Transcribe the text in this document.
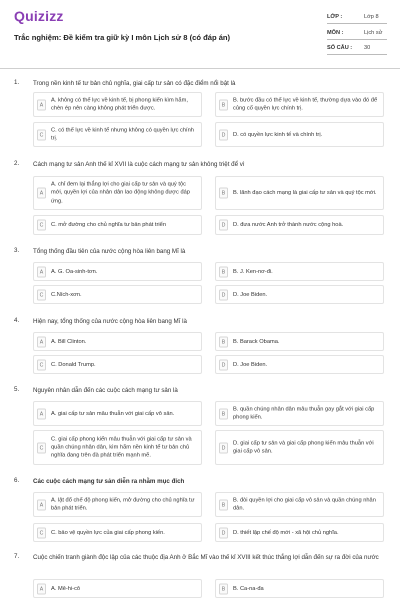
Quizizz
Trắc nghiệm: Đề kiểm tra giữ kỳ I môn Lịch sử 8 (có đáp án)
LỚP :	Lớp 8
MÔN :	Lịch sử
SỐ CÂU : 30
1. Trong nền kinh tế tư bản chủ nghĩa, giai cấp tư sản có đặc điểm nổi bật là
A
A. không có thế lực về kinh tế, bị phong kiến kìm hãm, chèn ép nên càng không phát triển được.
B
B. bước đầu có thế lực về kinh tế, thường dựa vào đó để củng cố quyền lực chính trị.
C
C. có thế lực về kinh tế nhưng không có quyền lực chính trị.
D	D. có quyền lực kinh tế và chính trị.
2. Cách mạng tư sản Anh thế kỉ XVII là cuộc cách mạng tư sản không triệt để vì
A
A. chỉ đem lại thắng lợi cho giai cấp tư sản và quý tộc mới, quyền lợi của nhân dân lao động không được đáp ứng.
B	B. lãnh đạo cách mạng là giai cấp tư sản và quý tộc mới.
C	C. mở đường cho chủ nghĩa tư bản phát triển	D	D. đưa nước Anh trở thành nước cộng hoà.
3. Tổng thống đầu tiên của nước cộng hòa liên bang Mĩ là
A	A. G. Oa-sinh-tơn.	B	B. J. Ken-nơ-đi.
C	C.Ních-xơn.	D	D. Joe Biden.
4. Hiện nay, tổng thống của nước cộng hòa liên bang Mĩ là
A	A. Bill Clinton.	B	B. Barack Obama.
C	C. Donald Trump.	D	D. Joe Biden.
5. Nguyên nhân dẫn đến các cuộc cách mạng tư sản là
A	A. giai cấp tư sản mâu thuẫn với giai cấp vô sản.	B
B. quần chúng nhân dân mâu thuẫn gay gắt với giai cấp phong kiến.
C
C. giai cấp phong kiến mâu thuẫn với giai cấp tư sản và quần chúng nhân dân, kìm hãm nền kinh tế tư bản chủ nghĩa đang trên đà phát triển mạnh mẽ.
D
D. giai cấp tư sản và giai cấp phong kiến mâu thuẫn với giai cấp vô sản.
6. Các cuộc cách mạng tư sản diễn ra nhằm mục đích
A
A. lật đổ chế độ phong kiến, mở đường cho chủ nghĩa tư bản phát triển.
B
B. đòi quyền lợi cho giai cấp vô sản và quần chúng nhân dân.
C	C. bảo vệ quyền lực của giai cấp phong kiến.	D	D. thiết lập chế độ mới - xã hội chủ nghĩa.
7. Cuộc chiến tranh giành độc lập của các thuộc địa Anh ở Bắc Mĩ vào thế kỉ XVIII kết thúc thắng lợi dẫn đến sự ra đời của nước
A	A. Mê-hi-cô	B	B. Ca-na-đa
